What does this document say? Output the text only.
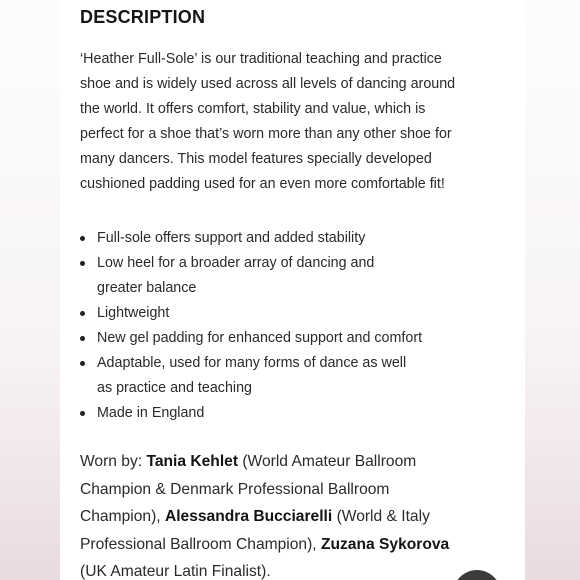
DESCRIPTION

‘Heather Full-Sole’ is our traditional teaching and practice
shoe and is widely used across all levels of dancing around
the world. It offers comfort, stability and value, which is
perfect for a shoe that’s worn more than any other shoe for
many dancers. This model features specially developed
cushioned padding used for an even more comfortable fit!

Full-sole offers support and added stability
Low heel for a broader array of dancing and
greater balance
Lightweight
New gel padding for enhanced support and comfort
Adaptable, used for many forms of dance as well
as practice and teaching
Made in England

Worn by: Tania Kehlet (World Amateur Ballroom
Champion & Denmark Professional Ballroom
Champion), Alessandra Bucciarelli (World & Italy
Professional Ballroom Champion), Zuzana Sykorova
(UK Amateur Latin Finalist).
